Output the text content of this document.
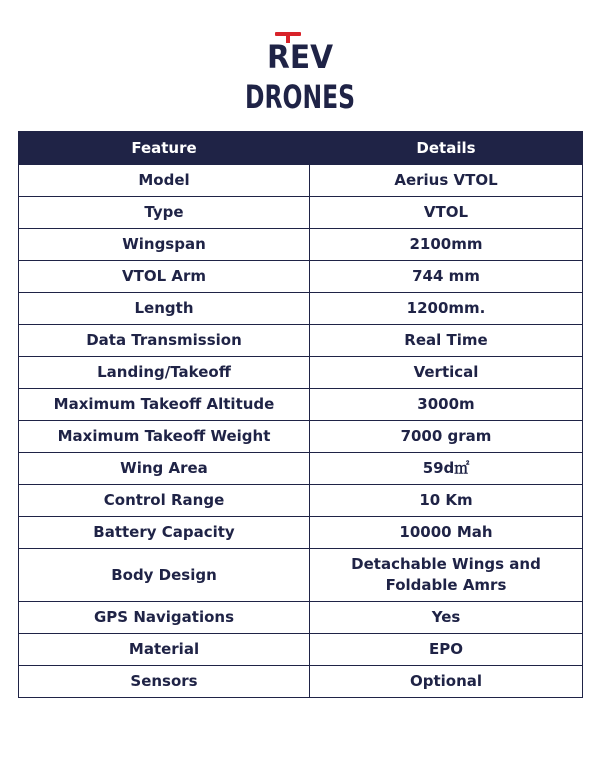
REV
DRONES
Feature	Details
Model	Aerius VTOL
Type	VTOL
Wingspan	2100mm
VTOL Arm	744 mm
Length	1200mm.
Data Transmission	Real Time
Landing/Takeoff	Vertical
Maximum Takeoff Altitude	3000m
Maximum Takeoff Weight	7000 gram
Wing Area	59d㎡
Control Range	10 Km
Battery Capacity	10000 Mah
Body Design	Detachable Wings and Foldable Amrs
GPS Navigations	Yes
Material	EPO
Sensors	Optional
